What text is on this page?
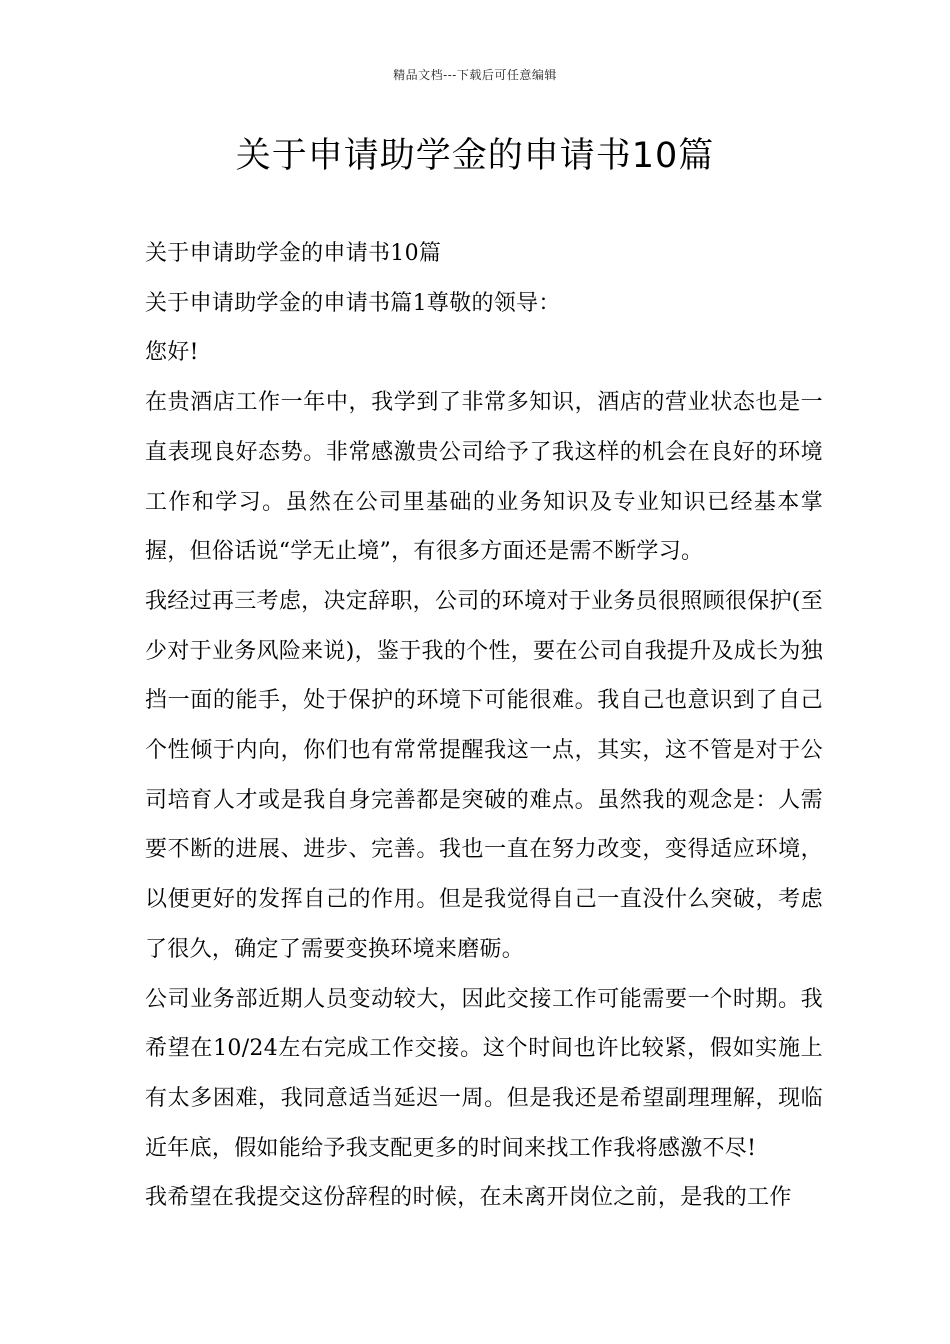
精品文档---下载后可任意编辑
关于申请助学金的申请书10篇

关于申请助学金的申请书10篇

关于申请助学金的申请书篇1尊敬的领导：

您好!

在贵酒店工作一年中，我学到了非常多知识，酒店的营业状态也是一直表现良好态势。非常感激贵公司给予了我这样的机会在良好的环境工作和学习。虽然在公司里基础的业务知识及专业知识已经基本掌握，但俗话说“学无止境”，有很多方面还是需不断学习。

我经过再三考虑，决定辞职，公司的环境对于业务员很照顾很保护(至少对于业务风险来说)，鉴于我的个性，要在公司自我提升及成长为独挡一面的能手，处于保护的环境下可能很难。我自己也意识到了自己个性倾于内向，你们也有常常提醒我这一点，其实，这不管是对于公司培育人才或是我自身完善都是突破的难点。虽然我的观念是：人需要不断的进展、进步、完善。我也一直在努力改变，变得适应环境，以便更好的发挥自己的作用。但是我觉得自己一直没什么突破，考虑了很久，确定了需要变换环境来磨砺。

公司业务部近期人员变动较大，因此交接工作可能需要一个时期。我希望在10/24左右完成工作交接。这个时间也许比较紧，假如实施上有太多困难，我同意适当延迟一周。但是我还是希望副理理解，现临近年底，假如能给予我支配更多的时间来找工作我将感激不尽!

我希望在我提交这份辞程的时候，在未离开岗位之前，是我的工作
